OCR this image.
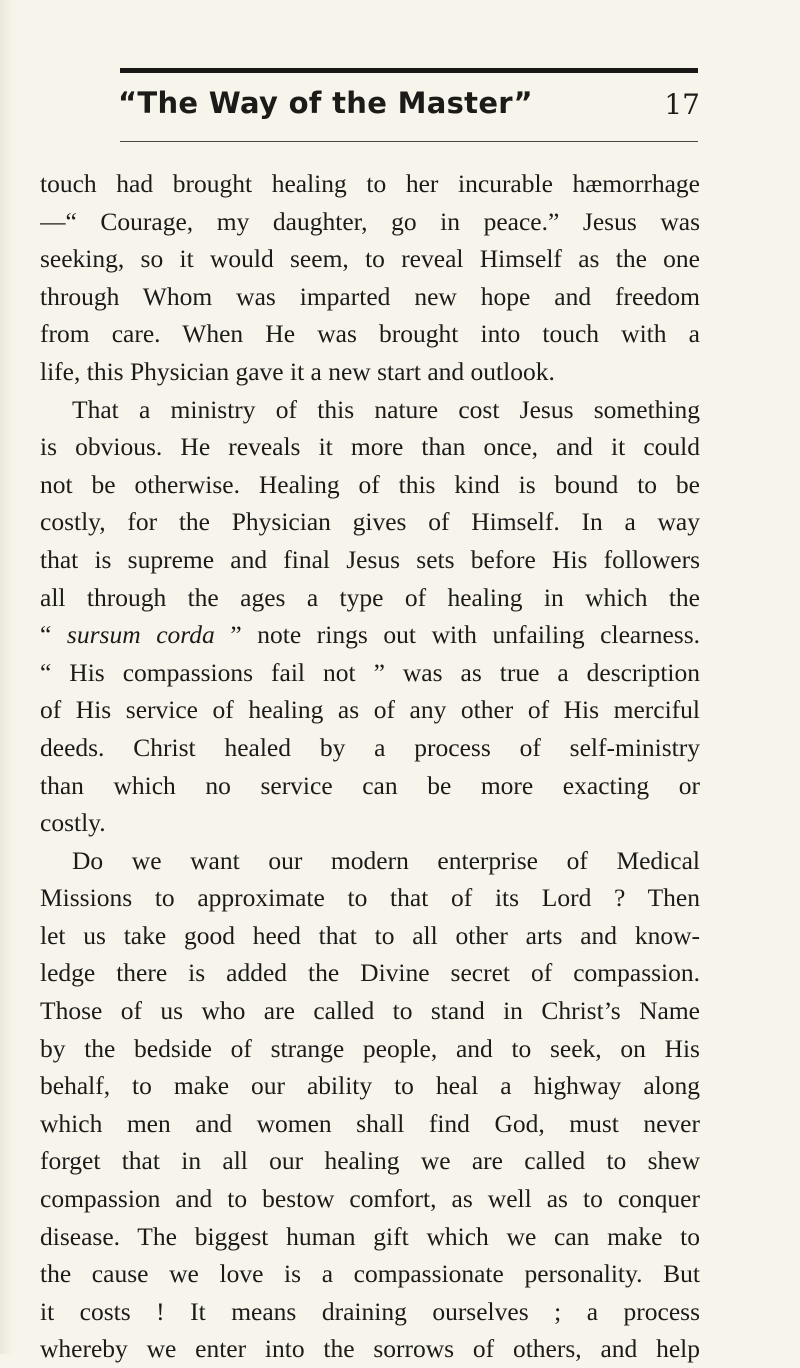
“The Way of the Master”	17
touch had brought healing to her incurable hæmorrhage
—“ Courage, my daughter, go in peace.” Jesus was
seeking, so it would seem, to reveal Himself as the one
through Whom was imparted new hope and freedom
from care. When He was brought into touch with a
life, this Physician gave it a new start and outlook.
That a ministry of this nature cost Jesus something
is obvious. He reveals it more than once, and it could
not be otherwise. Healing of this kind is bound to be
costly, for the Physician gives of Himself. In a way
that is supreme and final Jesus sets before His followers
all through the ages a type of healing in which the
“ sursum corda ” note rings out with unfailing clearness.
“ His compassions fail not ” was as true a description
of His service of healing as of any other of His merciful
deeds. Christ healed by a process of self-ministry
than which no service can be more exacting or
costly.
Do we want our modern enterprise of Medical
Missions to approximate to that of its Lord ? Then
let us take good heed that to all other arts and know-
ledge there is added the Divine secret of compassion.
Those of us who are called to stand in Christ’s Name
by the bedside of strange people, and to seek, on His
behalf, to make our ability to heal a highway along
which men and women shall find God, must never
forget that in all our healing we are called to shew
compassion and to bestow comfort, as well as to conquer
disease. The biggest human gift which we can make to
the cause we love is a compassionate personality. But
it costs ! It means draining ourselves ; a process
whereby we enter into the sorrows of others, and help
